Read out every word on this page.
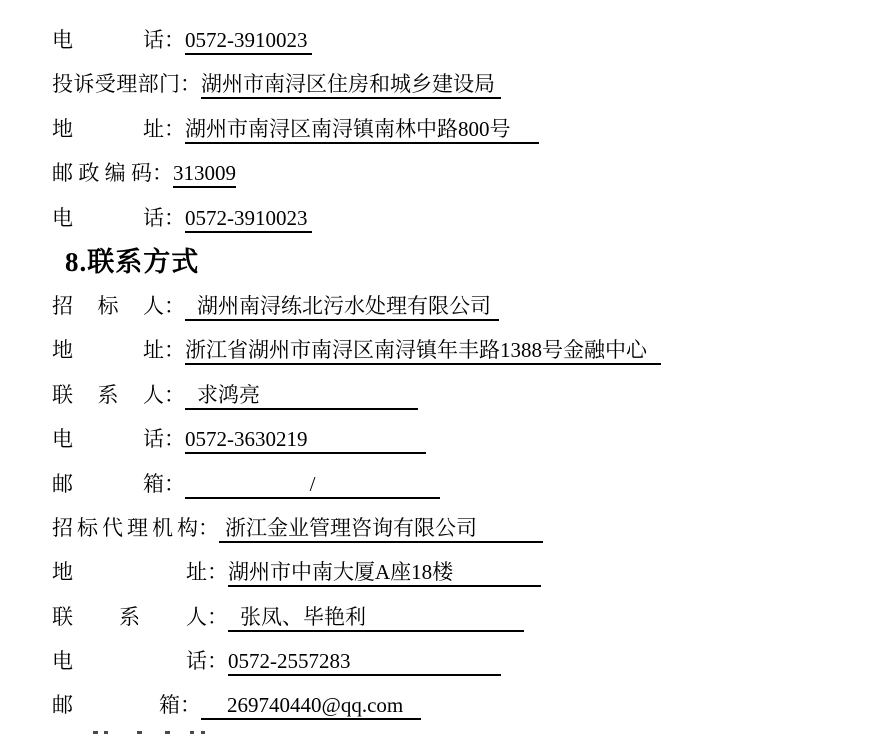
电话 ： 0572-3910023
投诉受理部门 ： 湖州市南浔区住房和城乡建设局
地址 ： 湖州市南浔区南浔镇南林中路800号
邮政编码 ： 313009
电话 ： 0572-3910023
8.联系方式
招标人 ： 湖州南浔练北污水处理有限公司
地址 ： 浙江省湖州市南浔区南浔镇年丰路1388号金融中心
联系人 ： 求鸿亮
电话 ： 0572-3630219
邮箱 ：	/
招标代理机构 ： 浙江金业管理咨询有限公司
地址 ： 湖州市中南大厦A座18楼
联系人 ： 张凤、毕艳利
电话 ： 0572-2557283
邮箱 ：	269740440@qq.com
